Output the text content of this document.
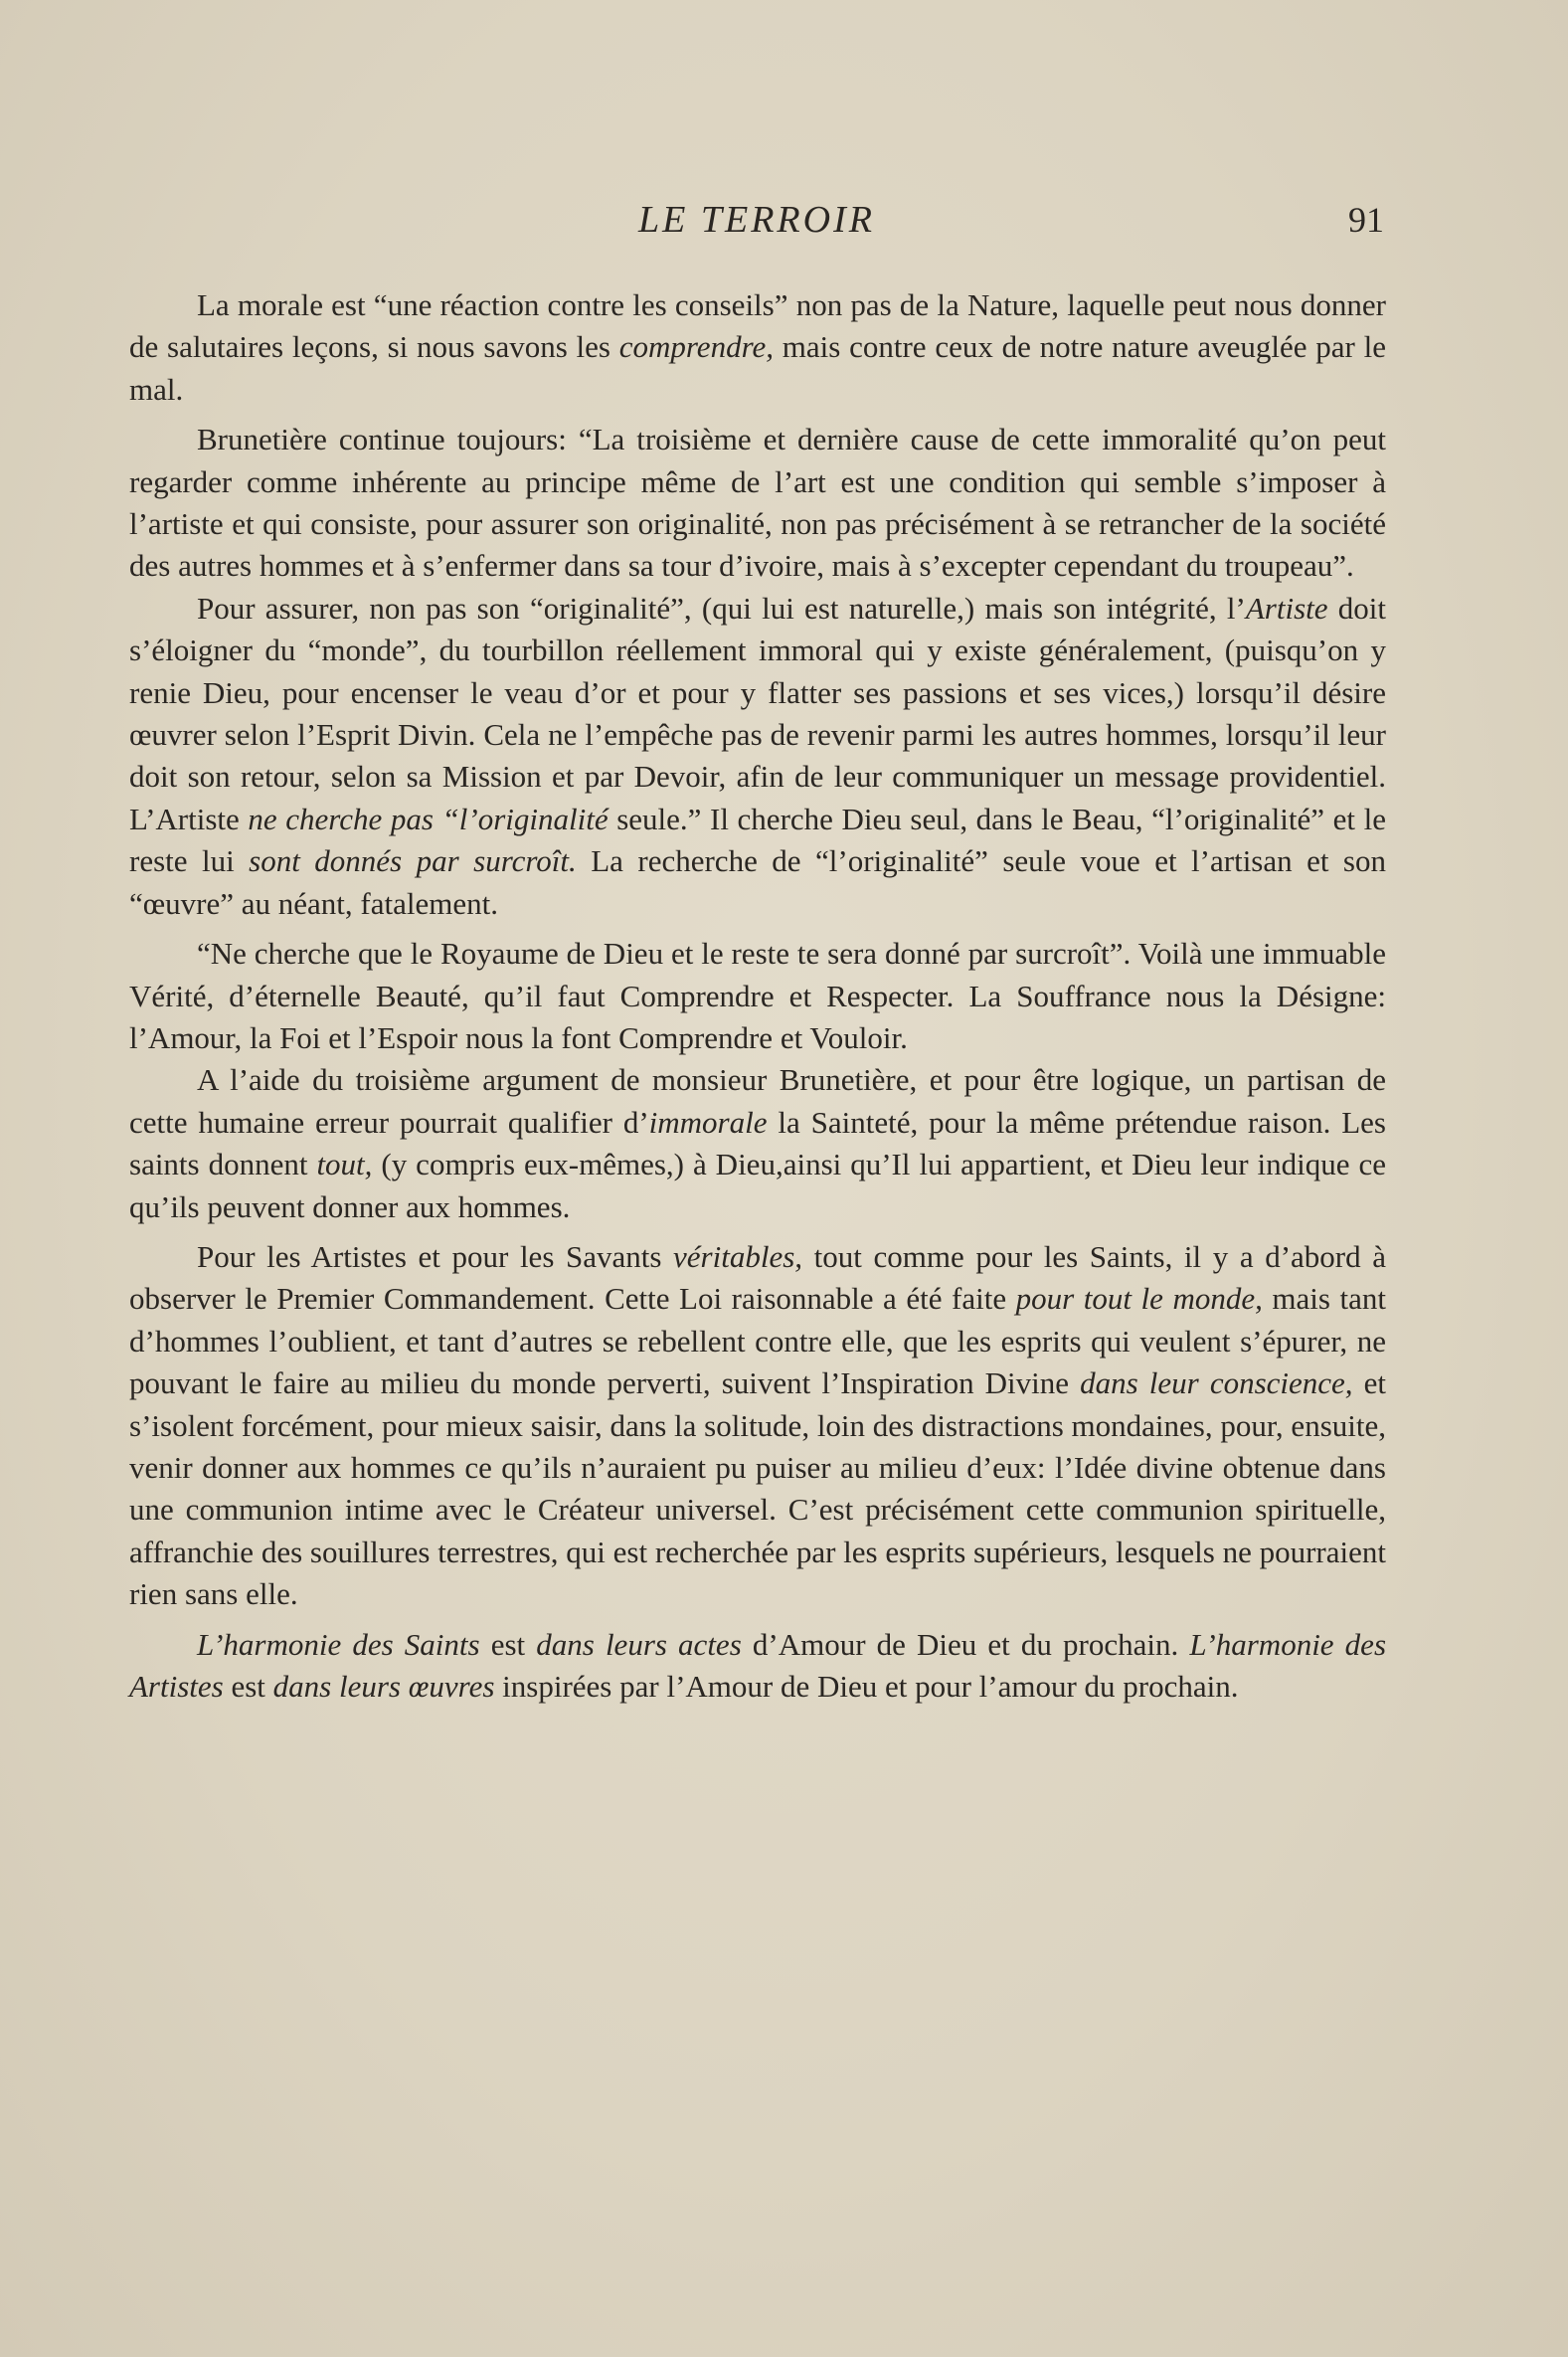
LE TERROIR	91

La morale est “une réaction contre les conseils” non pas de la Nature, laquelle peut nous donner de salutaires leçons, si nous savons les comprendre, mais contre ceux de notre nature aveuglée par le mal.

Brunetière continue toujours: “La troisième et dernière cause de cette immoralité qu’on peut regarder comme inhérente au principe même de l’art est une condition qui semble s’imposer à l’artiste et qui consiste, pour assurer son originalité, non pas précisément à se retrancher de la société des autres hommes et à s’enfermer dans sa tour d’ivoire, mais à s’excepter cependant du troupeau”.

Pour assurer, non pas son “originalité”, (qui lui est naturelle,) mais son intégrité, l’Artiste doit s’éloigner du “monde”, du tourbillon réellement immoral qui y existe généralement, (puisqu’on y renie Dieu, pour encenser le veau d’or et pour y flatter ses passions et ses vices,) lorsqu’il désire œuvrer selon l’Esprit Divin. Cela ne l’empêche pas de revenir parmi les autres hommes, lorsqu’il leur doit son retour, selon sa Mission et par Devoir, afin de leur communiquer un message providentiel. L’Artiste ne cherche pas “l’originalité seule.” Il cherche Dieu seul, dans le Beau, “l’originalité” et le reste lui sont donnés par surcroît. La recherche de “l’originalité” seule voue et l’artisan et son “œuvre” au néant, fatalement.

“Ne cherche que le Royaume de Dieu et le reste te sera donné par surcroît”. Voilà une immuable Vérité, d’éternelle Beauté, qu’il faut Comprendre et Respecter. La Souffrance nous la Désigne: l’Amour, la Foi et l’Espoir nous la font Comprendre et Vouloir.

A l’aide du troisième argument de monsieur Brunetière, et pour être logique, un partisan de cette humaine erreur pourrait qualifier d’immorale la Sainteté, pour la même prétendue raison. Les saints donnent tout, (y compris eux-mêmes,) à Dieu,ainsi qu’Il lui appartient, et Dieu leur indique ce qu’ils peuvent donner aux hommes.

Pour les Artistes et pour les Savants véritables, tout comme pour les Saints, il y a d’abord à observer le Premier Commandement. Cette Loi raisonnable a été faite pour tout le monde, mais tant d’hommes l’oublient, et tant d’autres se rebellent contre elle, que les esprits qui veulent s’épurer, ne pouvant le faire au milieu du monde perverti, suivent l’Inspiration Divine dans leur conscience, et s’isolent forcément, pour mieux saisir, dans la solitude, loin des distractions mondaines, pour, ensuite, venir donner aux hommes ce qu’ils n’auraient pu puiser au milieu d’eux: l’Idée divine obtenue dans une communion intime avec le Créateur universel. C’est précisément cette communion spirituelle, affranchie des souillures terrestres, qui est recherchée par les esprits supérieurs, lesquels ne pourraient rien sans elle.

L’harmonie des Saints est dans leurs actes d’Amour de Dieu et du prochain. L’harmonie des Artistes est dans leurs œuvres inspirées par l’Amour de Dieu et pour l’amour du prochain.
